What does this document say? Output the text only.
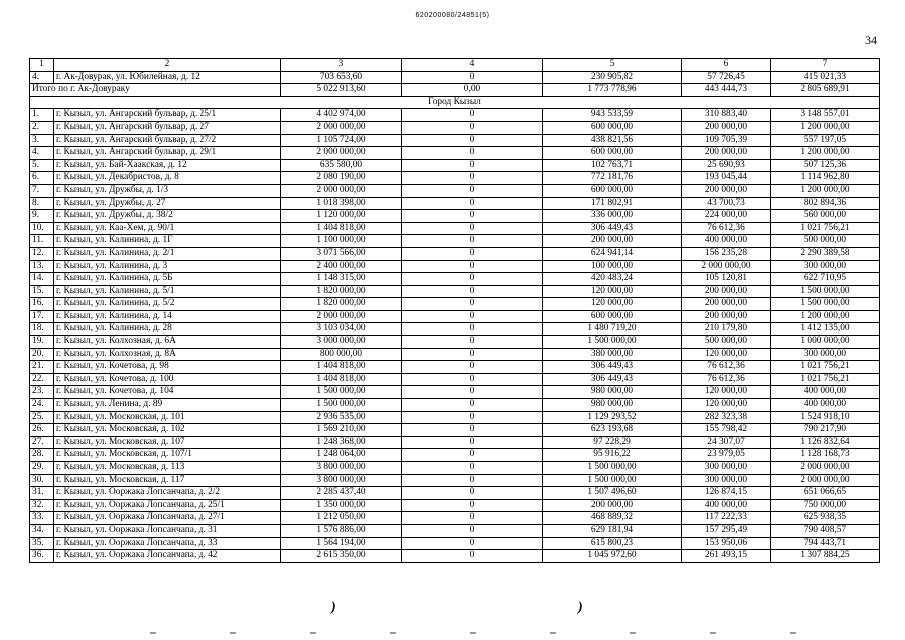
620200080/24851(5)
34
1	2	3	4	5	6	7
4.	г. Ак-Довурак, ул. Юбилейная, д. 12	703 653,60	0	230 905,82	57 726,45	415 021,33
Итого по г. Ак-Довураку		5 022 913,60	0,00	1 773 778,96	443 444,73	2 805 689,91
Город Кызыл						
1.	г. Кызыл, ул. Ангарский бульвар, д. 25/1	4 402 974,00	0	943 533,59	310 883,40	3 148 557,01
2.	г. Кызыл, ул. Ангарский бульвар, д. 27	2 000 000,00	0	600 000,00	200 000,00	1 200 000,00
3.	г. Кызыл, ул. Ангарский бульвар, д. 27/2	1 105 724,00	0	438 821,56	109 705,39	557 197,05
4.	г. Кызыл, ул. Ангарский бульвар, д. 29/1	2 000 000,00	0	600 000,00	200 000,00	1 200 000,00
5.	г. Кызыл, ул. Бай-Хаакская, д. 12	635 580,00	0	102 763,71	25 690,93	507 125,36
6.	г. Кызыл, ул. Декабристов, д. 8	2 080 190,00	0	772 181,76	193 045,44	1 114 962,80
7.	г. Кызыл, ул. Дружбы, д. 1/3	2 000 000,00	0	600 000,00	200 000,00	1 200 000,00
8.	г. Кызыл, ул. Дружбы, д. 27	1 018 398,00	0	171 802,91	43 700,73	802 894,36
9.	г. Кызыл, ул. Дружбы, д. 38/2	1 120 000,00	0	336 000,00	224 000,00	560 000,00
10.	г. Кызыл, ул. Каа-Хем, д. 90/1	1 404 818,00	0	306 449,43	76 612,36	1 021 756,21
11.	г. Кызыл, ул. Калинина, д. 1Г	1 100 000,00	0	200 000,00	400 000,00	500 000,00
12.	г. Кызыл, ул. Калинина, д. 2/1	3 071 566,00	0	624 941,14	156 235,28	2 290 389,58
13.	г. Кызыл, ул. Калинина, д. 3	2 400 000,00	0	100 000,00	2 000 000,00	300 000,00
14.	г. Кызыл, ул. Калинина, д. 5Б	1 148 315,00	0	420 483,24	105 120,81	622 710,95
15.	г. Кызыл, ул. Калинина, д. 5/1	1 820 000,00	0	120 000,00	200 000,00	1 500 000,00
16.	г. Кызыл, ул. Калинина, д. 5/2	1 820 000,00	0	120 000,00	200 000,00	1 500 000,00
17.	г. Кызыл, ул. Калинина, д. 14	2 000 000,00	0	600 000,00	200 000,00	1 200 000,00
18.	г. Кызыл, ул. Калинина, д. 28	3 103 034,00	0	1 480 719,20	210 179,80	1 412 135,00
19.	г. Кызыл, ул. Колхозная, д. 6А	3 000 000,00	0	1 500 000,00	500 000,00	1 000 000,00
20.	г. Кызыл, ул. Колхозная, д. 8А	800 000,00	0	380 000,00	120 000,00	300 000,00
21.	г. Кызыл, ул. Кочетова, д. 98	1 404 818,00	0	306 449,43	76 612,36	1 021 756,21
22.	г. Кызыл, ул. Кочетова, д. 100	1 404 818,00	0	306 449,43	76 612,36	1 021 756,21
23.	г. Кызыл, ул. Кочетова, д. 104	1 500 000,00	0	980 000,00	120 000,00	400 000,00
24.	г. Кызыл, ул. Ленина, д. 89	1 500 000,00	0	980 000,00	120 000,00	400 000,00
25.	г. Кызыл, ул. Московская, д. 101	2 936 535,00	0	1 129 293,52	282 323,38	1 524 918,10
26.	г. Кызыл, ул. Московская, д. 102	1 569 210,00	0	623 193,68	155 798,42	790 217,90
27.	г. Кызыл, ул. Московская, д. 107	1 248 368,00	0	97 228,29	24 307,07	1 126 832,64
28.	г. Кызыл, ул. Московская, д. 107/1	1 248 064,00	0	95 916,22	23 979,05	1 128 168,73
29.	г. Кызыл, ул. Московская, д. 113	3 800 000,00	0	1 500 000,00	300 000,00	2 000 000,00
30.	г. Кызыл, ул. Московская, д. 117	3 800 000,00	0	1 500 000,00	300 000,00	2 000 000,00
31.	г. Кызыл, ул. Ооржака Лопсанчапа, д. 2/2	2 285 437,40	0	1 507 496,60	126 874,15	651 066,65
32.	г. Кызыл, ул. Ооржака Лопсанчапа, д. 25/1	1 350 000,00	0	200 000,00	400 000,00	750 000,00
33.	г. Кызыл, ул. Ооржака Лопсанчапа, д. 27/1	1 212 050,00	0	468 889,32	117 222,33	625 938,35
34.	г. Кызыл, ул. Ооржака Лопсанчапа, д. 31	1 576 886,00	0	629 181,94	157 295,49	790 408,57
35.	г. Кызыл, ул. Ооржака Лопсанчапа, д. 33	1 564 194,00	0	615 800,23	153 950,06	794 443,71
36.	г. Кызыл, ул. Ооржака Лопсанчапа, д. 42	2 615 350,00	0	1 045 972,60	261 493,15	1 307 884,25
)	)
